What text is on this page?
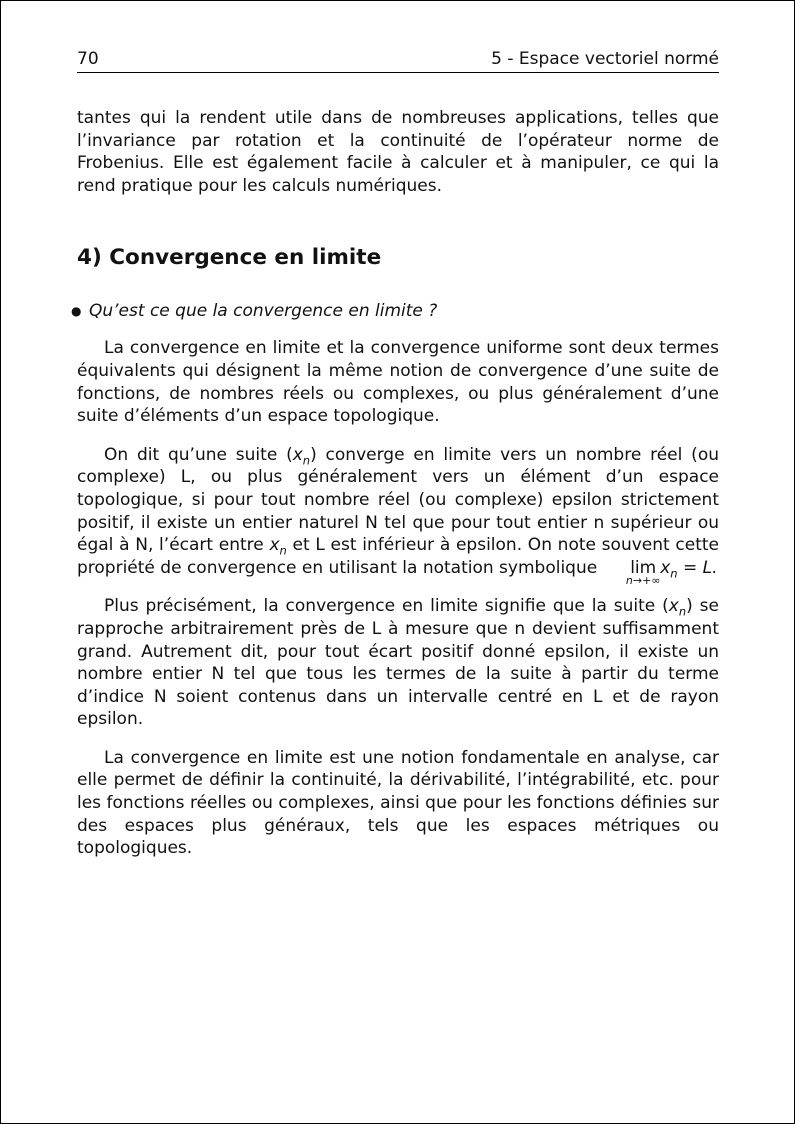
70	5 - Espace vectoriel normé

tantes qui la rendent utile dans de nombreuses applications, telles que l’invariance par rotation et la continuité de l’opérateur norme de Frobenius. Elle est également facile à calculer et à manipuler, ce qui la rend pratique pour les calculs numériques.

4) Convergence en limite
● Qu’est ce que la convergence en limite ?

La convergence en limite et la convergence uniforme sont deux termes équivalents qui désignent la même notion de convergence d’une suite de fonctions, de nombres réels ou complexes, ou plus généralement d’une suite d’éléments d’un espace topologique.

On dit qu’une suite $(x_n)$ converge en limite vers un nombre réel (ou complexe) L, ou plus généralement vers un élément d’un espace topologique, si pour tout nombre réel (ou complexe) epsilon strictement positif, il existe un entier naturel N tel que pour tout entier n supérieur ou égal à N, l’écart entre $x_n$ et L est inférieur à epsilon. On note souvent cette propriété de convergence en utilisant la notation symbolique lim
n→+∞
$x_n = L$.

Plus précisément, la convergence en limite signifie que la suite $(x_n)$ se rapproche arbitrairement près de L à mesure que n devient suffisamment grand. Autrement dit, pour tout écart positif donné epsilon, il existe un nombre entier N tel que tous les termes de la suite à partir du terme d’indice N soient contenus dans un intervalle centré en L et de rayon epsilon.

La convergence en limite est une notion fondamentale en analyse, car elle permet de définir la continuité, la dérivabilité, l’intégrabilité, etc. pour les fonctions réelles ou complexes, ainsi que pour les fonctions définies sur des espaces plus généraux, tels que les espaces métriques ou topologiques.
